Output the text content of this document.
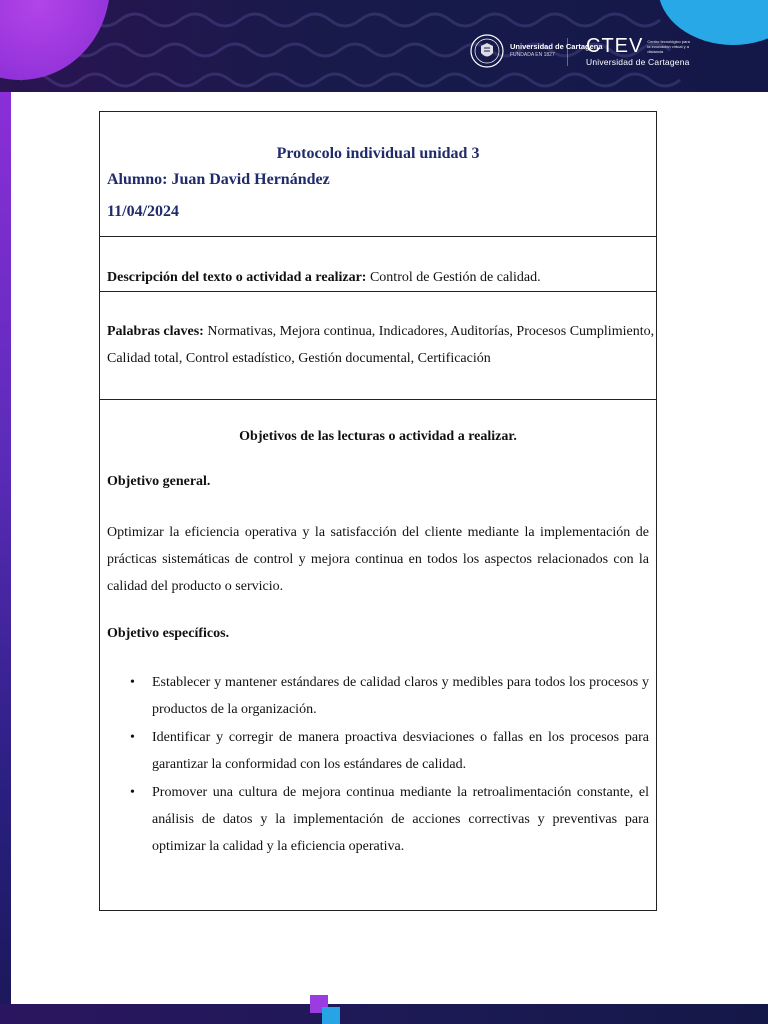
Universidad de Cartagena
FUNDADA EN 1827	CTEV Centro tecnológico para la innovación virtual y a distancia
Universidad de Cartagena

Protocolo individual unidad 3

Alumno: Juan David Hernández

11/04/2024

Descripción del texto o actividad a realizar: Control de Gestión de calidad.

Palabras claves: Normativas, Mejora continua, Indicadores, Auditorías, Procesos Cumplimiento, Calidad total, Control estadístico, Gestión documental, Certificación

Objetivos de las lecturas o actividad a realizar.

Objetivo general.

Optimizar la eficiencia operativa y la satisfacción del cliente mediante la implementación de prácticas sistemáticas de control y mejora continua en todos los aspectos relacionados con la calidad del producto o servicio.

Objetivo específicos.

• Establecer y mantener estándares de calidad claros y medibles para todos los procesos y productos de la organización.
• Identificar y corregir de manera proactiva desviaciones o fallas en los procesos para garantizar la conformidad con los estándares de calidad.
• Promover una cultura de mejora continua mediante la retroalimentación constante, el análisis de datos y la implementación de acciones correctivas y preventivas para optimizar la calidad y la eficiencia operativa.
